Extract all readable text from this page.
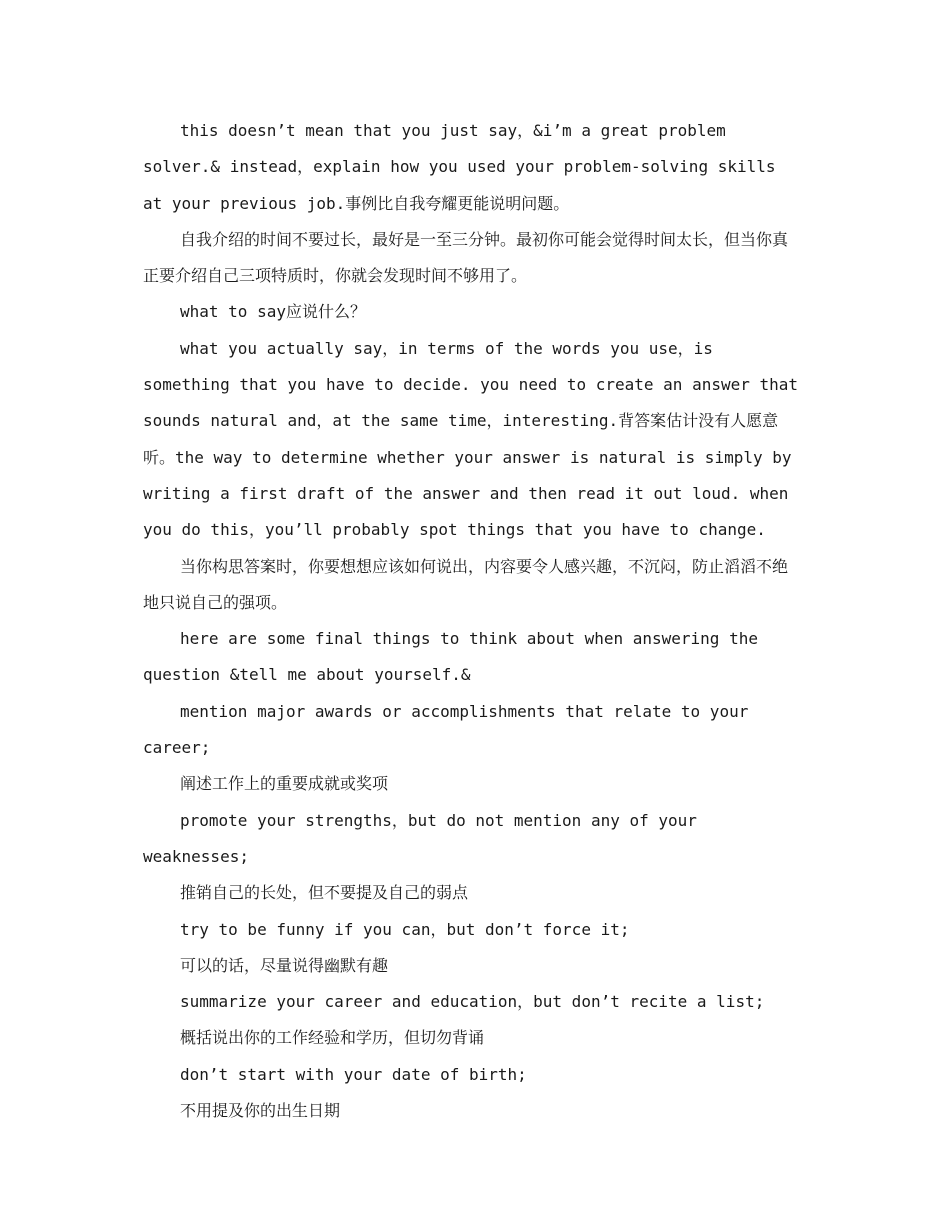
this doesn’t mean that you just say，&i’m a great problem solver.& instead，explain how you used your problem-solving skills at your previous job.事例比自我夸耀更能说明问题。

自我介绍的时间不要过长，最好是一至三分钟。最初你可能会觉得时间太长，但当你真正要介绍自己三项特质时，你就会发现时间不够用了。

what to say应说什么？

what you actually say，in terms of the words you use，is something that you have to decide. you need to create an answer that sounds natural and，at the same time，interesting.背答案估计没有人愿意听。the way to determine whether your answer is natural is simply by writing a first draft of the answer and then read it out loud. when you do this，you’ll probably spot things that you have to change.

当你构思答案时，你要想想应该如何说出，内容要令人感兴趣，不沉闷，防止滔滔不绝地只说自己的强项。

here are some final things to think about when answering the question &tell me about yourself.&

mention major awards or accomplishments that relate to your career;

阐述工作上的重要成就或奖项

promote your strengths，but do not mention any of your weaknesses;

推销自己的长处，但不要提及自己的弱点

try to be funny if you can，but don’t force it;

可以的话，尽量说得幽默有趣

summarize your career and education，but don’t recite a list;

概括说出你的工作经验和学历，但切勿背诵

don’t start with your date of birth;

不用提及你的出生日期
